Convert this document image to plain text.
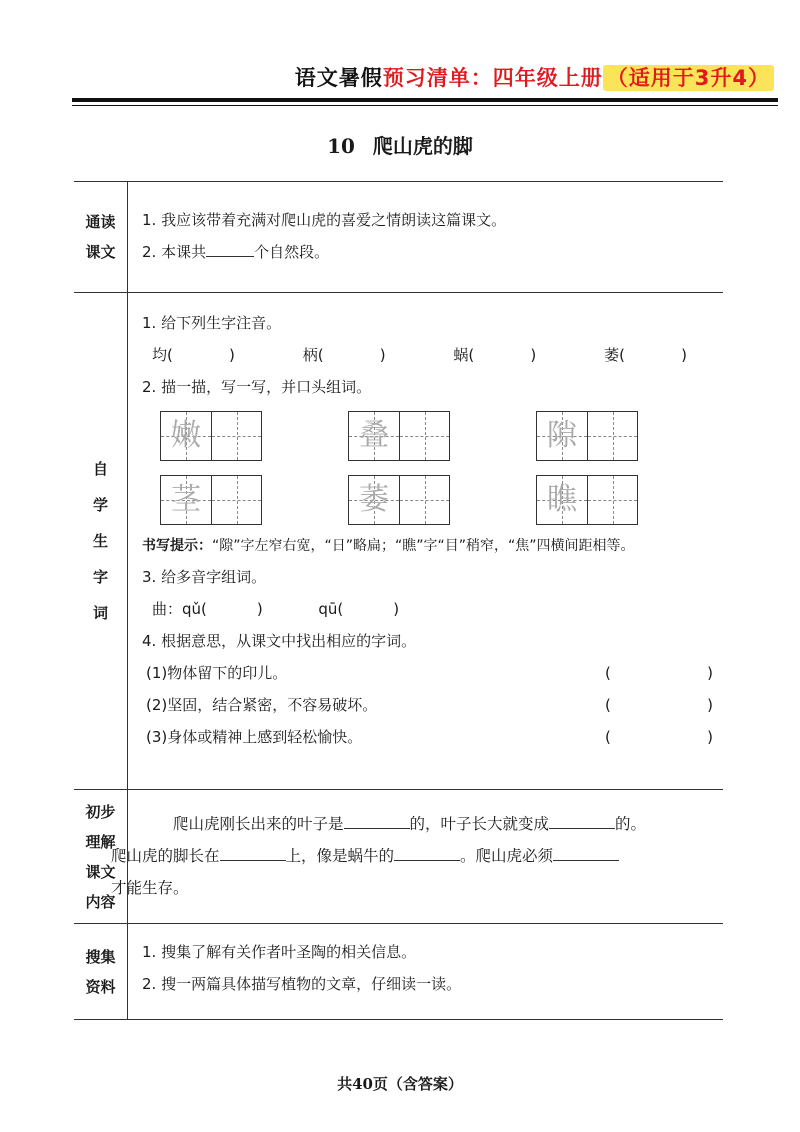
语文暑假预习清单：四年级上册 （适用于3升4）
10 爬山虎的脚
通读
课文
1. 我应该带着充满对爬山虎的喜爱之情朗读这篇课文。
2. 本课共	个自然段。
自
学
生
字
词
1. 给下列生字注音。
均(	)	柄(	)	蜗(	)	萎(	)
2. 描一描，写一写，并口头组词。
嫩	叠	隙
茎	萎	瞧
书写提示：“隙”字左窄右宽，“日”略扁；“瞧”字“目”稍窄，“焦”四横间距相等。
3. 给多音字组词。
曲：qǔ(	)	qū(	)
4. 根据意思，从课文中找出相应的字词。
(1)物体留下的印儿。	(	)
(2)坚固，结合紧密，不容易破坏。	(	)
(3)身体或精神上感到轻松愉快。	(	)
初步
理解
课文
内容
爬山虎刚长出来的叶子是	的，叶子长大就变成	的。
爬山虎的脚长在	上，像是蜗牛的	。爬山虎必须
才能生存。
搜集
资料
1. 搜集了解有关作者叶圣陶的相关信息。
2. 搜一两篇具体描写植物的文章，仔细读一读。
共40页（含答案）
